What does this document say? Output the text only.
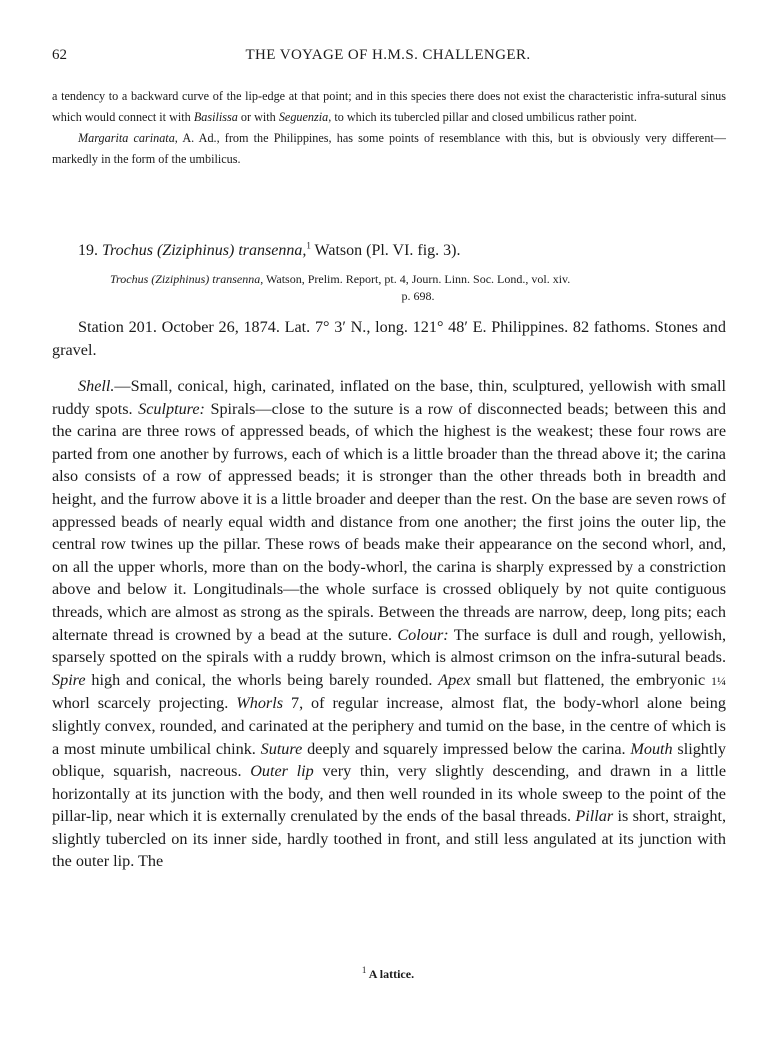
62	THE VOYAGE OF H.M.S. CHALLENGER.

a tendency to a backward curve of the lip-edge at that point; and in this species there does not exist the characteristic infra-sutural sinus which would connect it with Basilissa or with Seguenzia, to which its tubercled pillar and closed umbilicus rather point.

Margarita carinata, A. Ad., from the Philippines, has some points of resemblance with this, but is obviously very different—markedly in the form of the umbilicus.

19. Trochus (Ziziphinus) transenna,$^1$ Watson (Pl. VI. fig. 3).
Trochus (Ziziphinus) transenna, Watson, Prelim. Report, pt. 4, Journ. Linn. Soc. Lond., vol. xiv.
p. 698.

Station 201. October 26, 1874. Lat. 7° 3′ N., long. 121° 48′ E. Philippines. 82 fathoms. Stones and gravel.

Shell.—Small, conical, high, carinated, inflated on the base, thin, sculptured, yellowish with small ruddy spots. Sculpture: Spirals—close to the suture is a row of disconnected beads; between this and the carina are three rows of appressed beads, of which the highest is the weakest; these four rows are parted from one another by furrows, each of which is a little broader than the thread above it; the carina also consists of a row of appressed beads; it is stronger than the other threads both in breadth and height, and the furrow above it is a little broader and deeper than the rest. On the base are seven rows of appressed beads of nearly equal width and distance from one another; the first joins the outer lip, the central row twines up the pillar. These rows of beads make their appearance on the second whorl, and, on all the upper whorls, more than on the body-whorl, the carina is sharply expressed by a constriction above and below it. Longitudinals—the whole surface is crossed obliquely by not quite contiguous threads, which are almost as strong as the spirals. Between the threads are narrow, deep, long pits; each alternate thread is crowned by a bead at the suture. Colour: The surface is dull and rough, yellowish, sparsely spotted on the spirals with a ruddy brown, which is almost crimson on the infra-sutural beads. Spire high and conical, the whorls being barely rounded. Apex small but flattened, the embryonic 1¼ whorl scarcely projecting. Whorls 7, of regular increase, almost flat, the body-whorl alone being slightly convex, rounded, and carinated at the periphery and tumid on the base, in the centre of which is a most minute umbilical chink. Suture deeply and squarely impressed below the carina. Mouth slightly oblique, squarish, nacreous. Outer lip very thin, very slightly descending, and drawn in a little horizontally at its junction with the body, and then well rounded in its whole sweep to the point of the pillar-lip, near which it is externally crenulated by the ends of the basal threads. Pillar is short, straight, slightly tubercled on its inner side, hardly toothed in front, and still less angulated at its junction with the outer lip. The

$^1$ A lattice.
